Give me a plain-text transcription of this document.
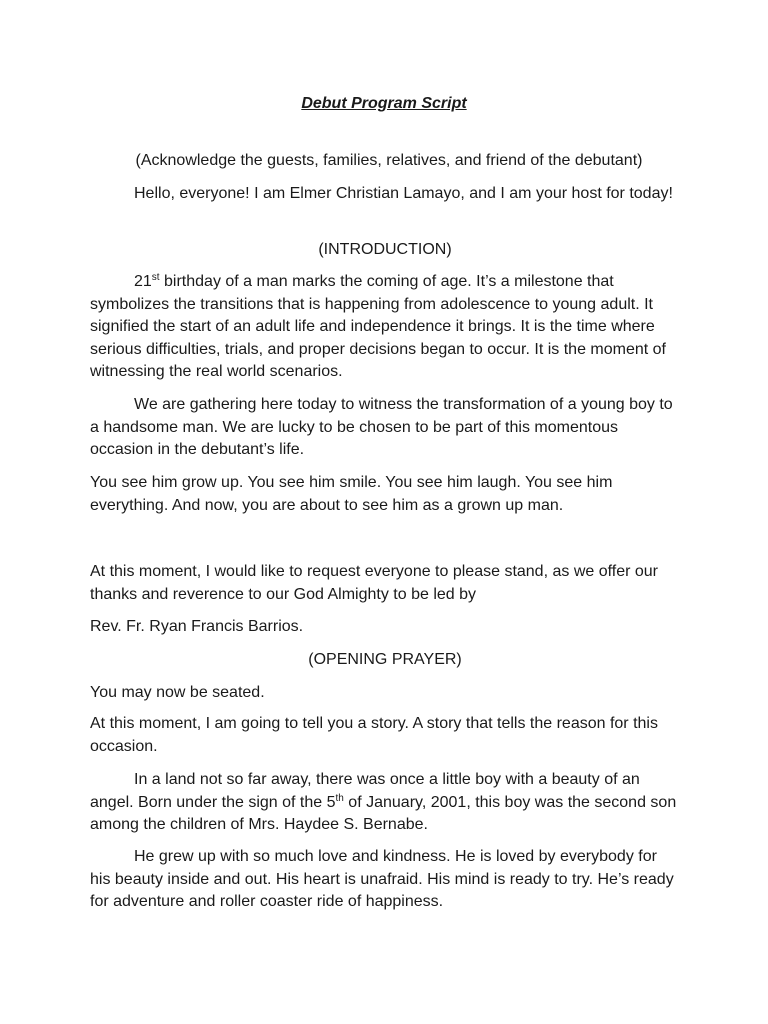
Debut Program Script

(Acknowledge the guests, families, relatives, and friend of the debutant)

Hello, everyone! I am Elmer Christian Lamayo, and I am your host for today!

(INTRODUCTION)

21st birthday of a man marks the coming of age. It’s a milestone that symbolizes the transitions that is happening from adolescence to young adult. It signified the start of an adult life and independence it brings. It is the time where serious difficulties, trials, and proper decisions began to occur. It is the moment of witnessing the real world scenarios.

We are gathering here today to witness the transformation of a young boy to a handsome man. We are lucky to be chosen to be part of this momentous occasion in the debutant’s life.

You see him grow up. You see him smile. You see him laugh. You see him everything. And now, you are about to see him as a grown up man.

At this moment, I would like to request everyone to please stand, as we offer our thanks and reverence to our God Almighty to be led by

Rev. Fr. Ryan Francis Barrios.

(OPENING PRAYER)

You may now be seated.

At this moment, I am going to tell you a story. A story that tells the reason for this occasion.

In a land not so far away, there was once a little boy with a beauty of an angel. Born under the sign of the 5th of January, 2001, this boy was the second son among the children of Mrs. Haydee S. Bernabe.

He grew up with so much love and kindness. He is loved by everybody for his beauty inside and out. His heart is unafraid. His mind is ready to try. He’s ready for adventure and roller coaster ride of happiness.
